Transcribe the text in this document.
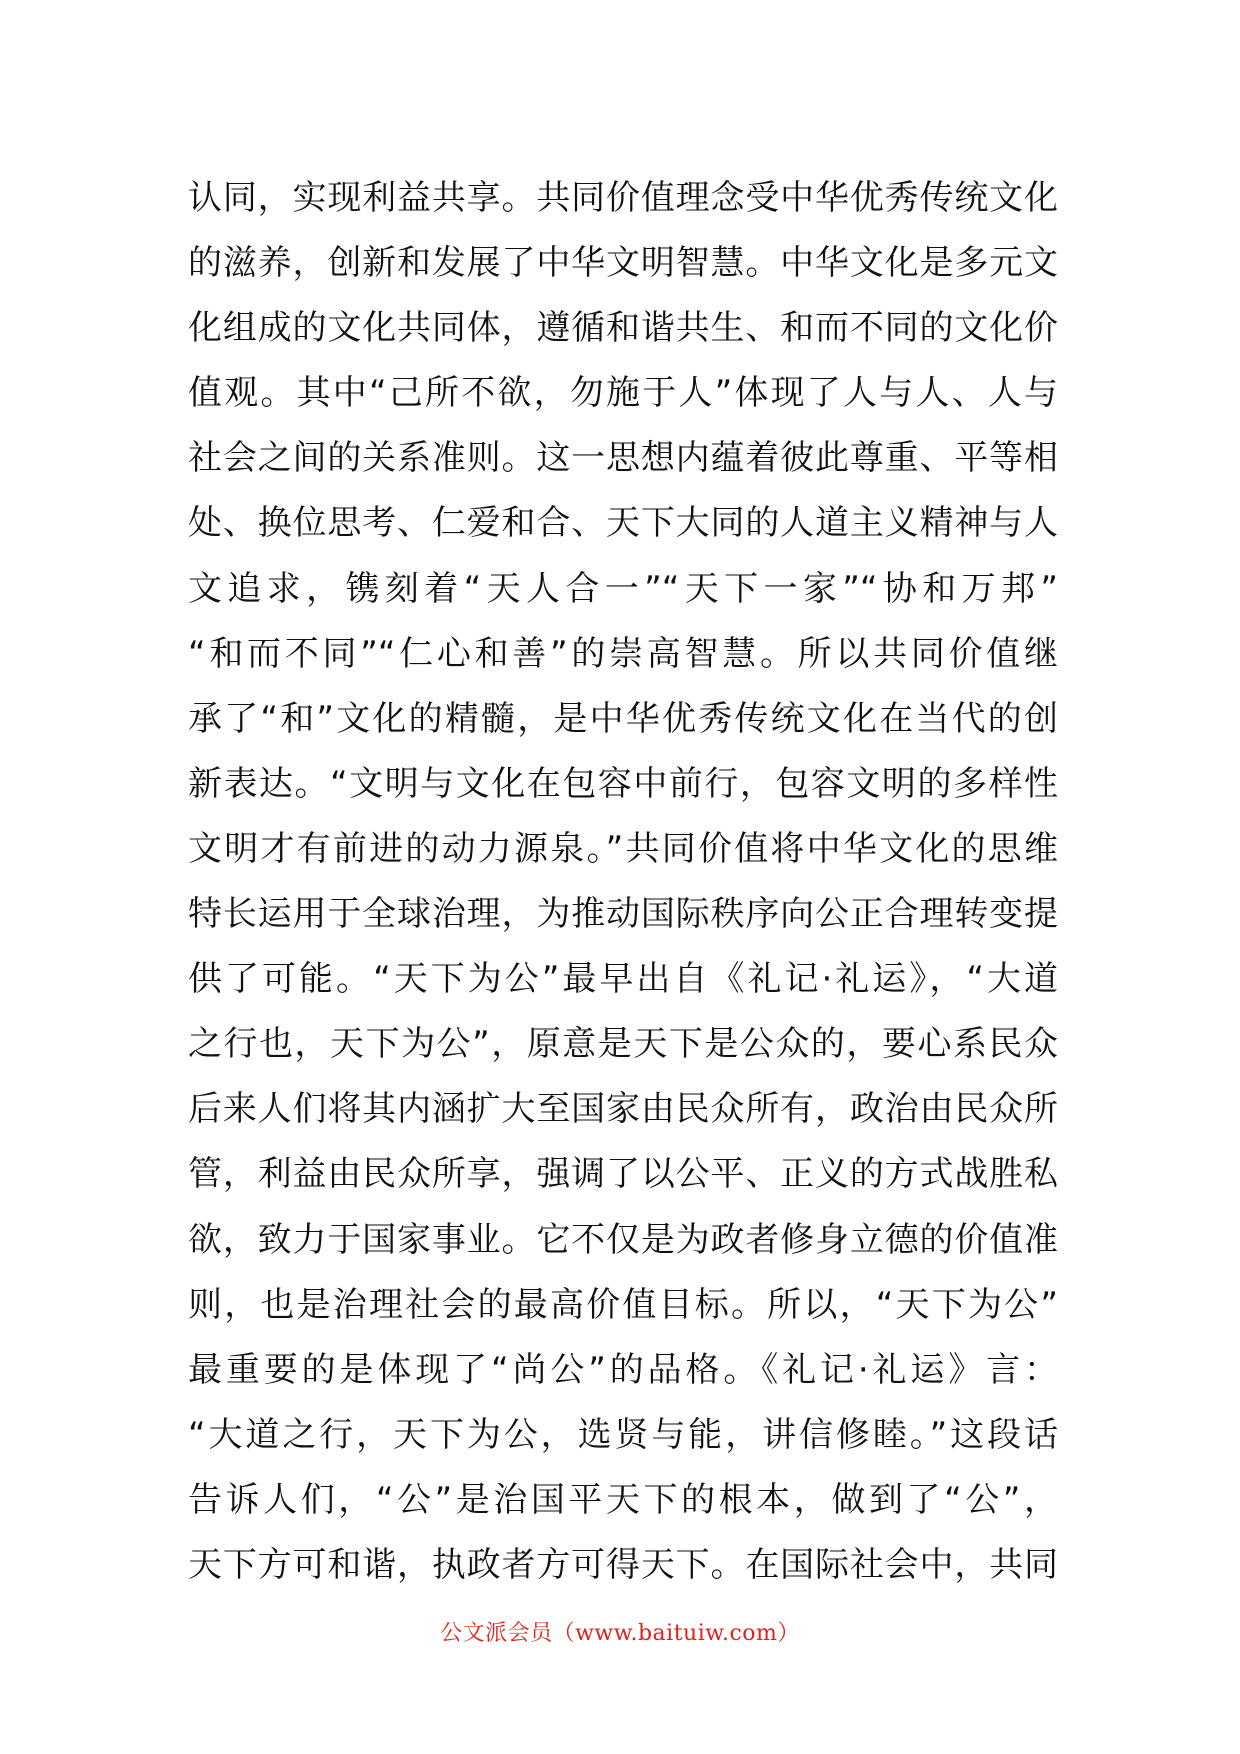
认同，实现利益共享。共同价值理念受中华优秀传统文化
的滋养，创新和发展了中华文明智慧。中华文化是多元文
化组成的文化共同体，遵循和谐共生、和而不同的文化价
值观。其中“己所不欲，勿施于人”体现了人与人、人与
社会之间的关系准则。这一思想内蕴着彼此尊重、平等相
处、换位思考、仁爱和合、天下大同的人道主义精神与人
文追求，镌刻着“天人合一”“天下一家”“协和万邦”
“和而不同”“仁心和善”的崇高智慧。所以共同价值继
承了“和”文化的精髓，是中华优秀传统文化在当代的创
新表达。“文明与文化在包容中前行，包容文明的多样性
文明才有前进的动力源泉。”共同价值将中华文化的思维
特长运用于全球治理，为推动国际秩序向公正合理转变提
供了可能。“天下为公”最早出自《礼记·礼运》，“大道
之行也，天下为公”，原意是天下是公众的，要心系民众
后来人们将其内涵扩大至国家由民众所有，政治由民众所
管，利益由民众所享，强调了以公平、正义的方式战胜私
欲，致力于国家事业。它不仅是为政者修身立德的价值准
则，也是治理社会的最高价值目标。所以，“天下为公”
最重要的是体现了“尚公”的品格。《礼记·礼运》言：
“大道之行，天下为公，选贤与能，讲信修睦。”这段话
告诉人们，“公”是治国平天下的根本，做到了“公”，
天下方可和谐，执政者方可得天下。在国际社会中，共同
公文派会员（www.baituiw.com）
